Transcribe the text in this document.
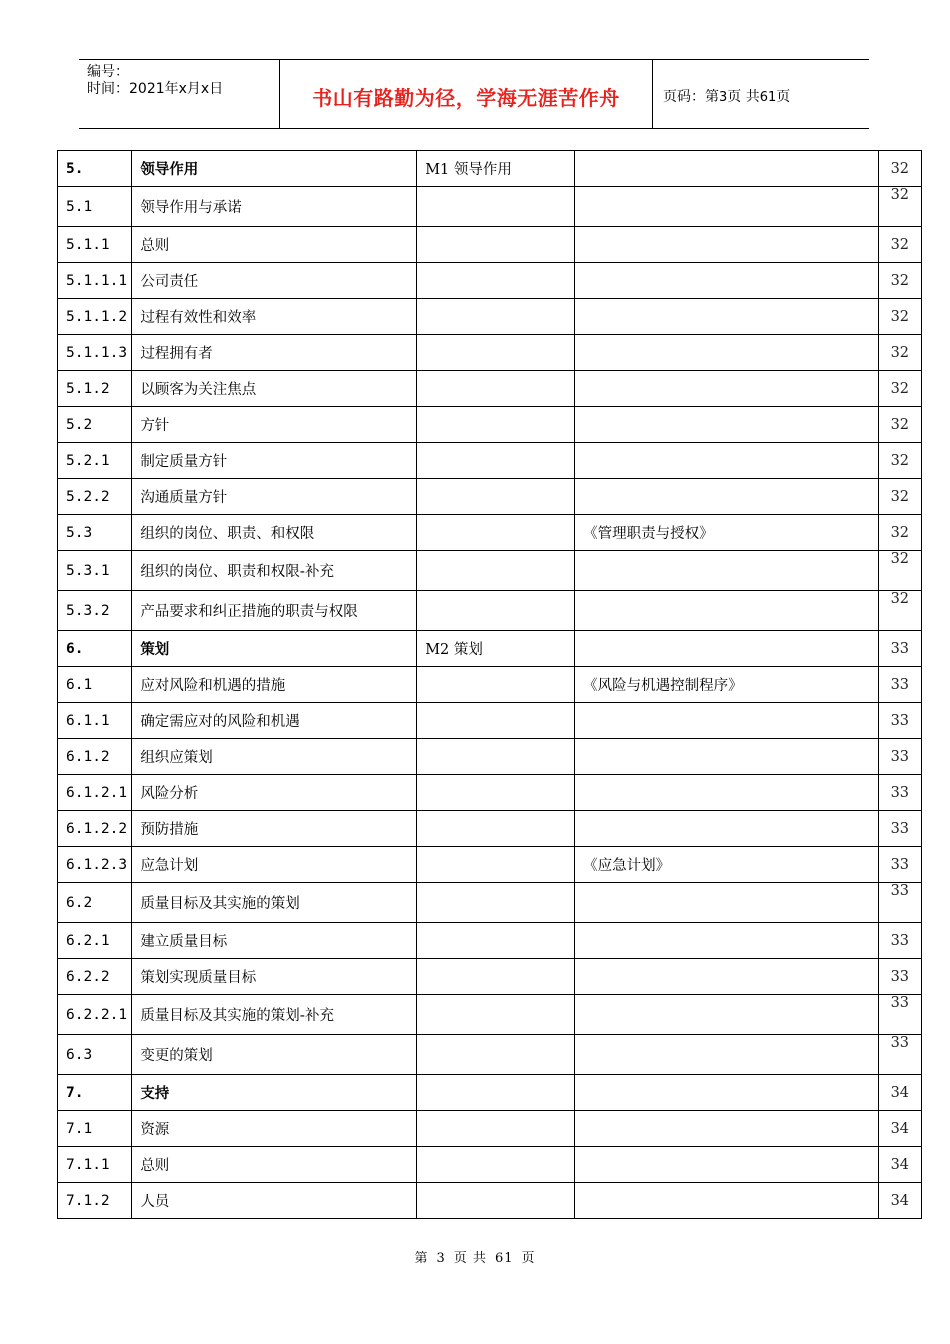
编号：
时间：2021年x月x日	书山有路勤为径，学海无涯苦作舟	页码：第3页 共61页
5.	领导作用	M1 领导作用		32
5.1	领导作用与承诺			32
5.1.1	总则			32
5.1.1.1	公司责任			32
5.1.1.2	过程有效性和效率			32
5.1.1.3	过程拥有者			32
5.1.2	以顾客为关注焦点			32
5.2	方针			32
5.2.1	制定质量方针			32
5.2.2	沟通质量方针			32
5.3	组织的岗位、职责、和权限		《管理职责与授权》	32
5.3.1	组织的岗位、职责和权限-补充			32
5.3.2	产品要求和纠正措施的职责与权限			32
6.	策划	M2 策划		33
6.1	应对风险和机遇的措施		《风险与机遇控制程序》	33
6.1.1	确定需应对的风险和机遇			33
6.1.2	组织应策划			33
6.1.2.1	风险分析			33
6.1.2.2	预防措施			33
6.1.2.3	应急计划		《应急计划》	33
6.2	质量目标及其实施的策划			33
6.2.1	建立质量目标			33
6.2.2	策划实现质量目标			33
6.2.2.1	质量目标及其实施的策划-补充			33
6.3	变更的策划			33
7.	支持			34
7.1	资源			34
7.1.1	总则			34
7.1.2	人员			34
第 3 页 共 61 页
